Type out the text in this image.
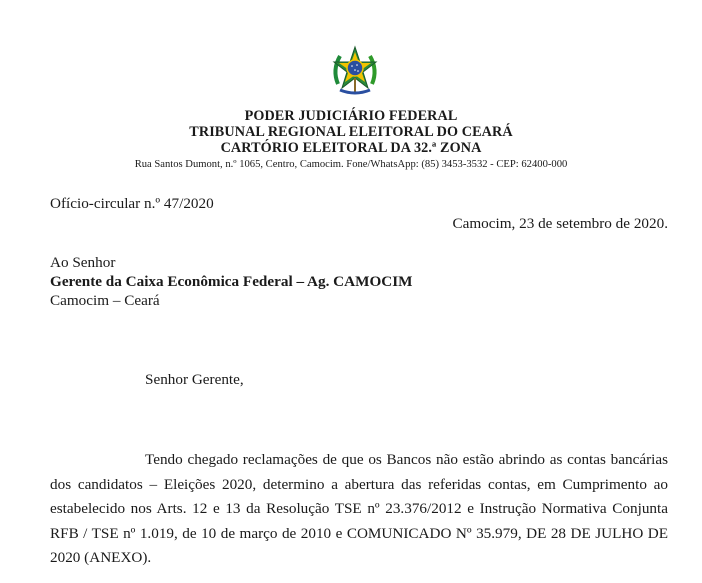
PODER JUDICIÁRIO FEDERAL
TRIBUNAL REGIONAL ELEITORAL DO CEARÁ
CARTÓRIO ELEITORAL DA 32.ª ZONA
Rua Santos Dumont, n.º 1065, Centro, Camocim. Fone/WhatsApp: (85) 3453-3532 - CEP: 62400-000
Ofício-circular n.º 47/2020
Camocim, 23 de setembro de 2020.
Ao Senhor
Gerente da Caixa Econômica Federal – Ag. CAMOCIM
Camocim – Ceará
Senhor Gerente,
Tendo chegado reclamações de que os Bancos não estão abrindo as contas bancárias dos candidatos – Eleições 2020, determino a abertura das referidas contas, em Cumprimento ao estabelecido nos Arts. 12 e 13 da Resolução TSE nº 23.376/2012 e Instrução Normativa Conjunta RFB / TSE nº 1.019, de 10 de março de 2010 e COMUNICADO Nº 35.979, DE 28 DE JULHO DE 2020 (ANEXO).
